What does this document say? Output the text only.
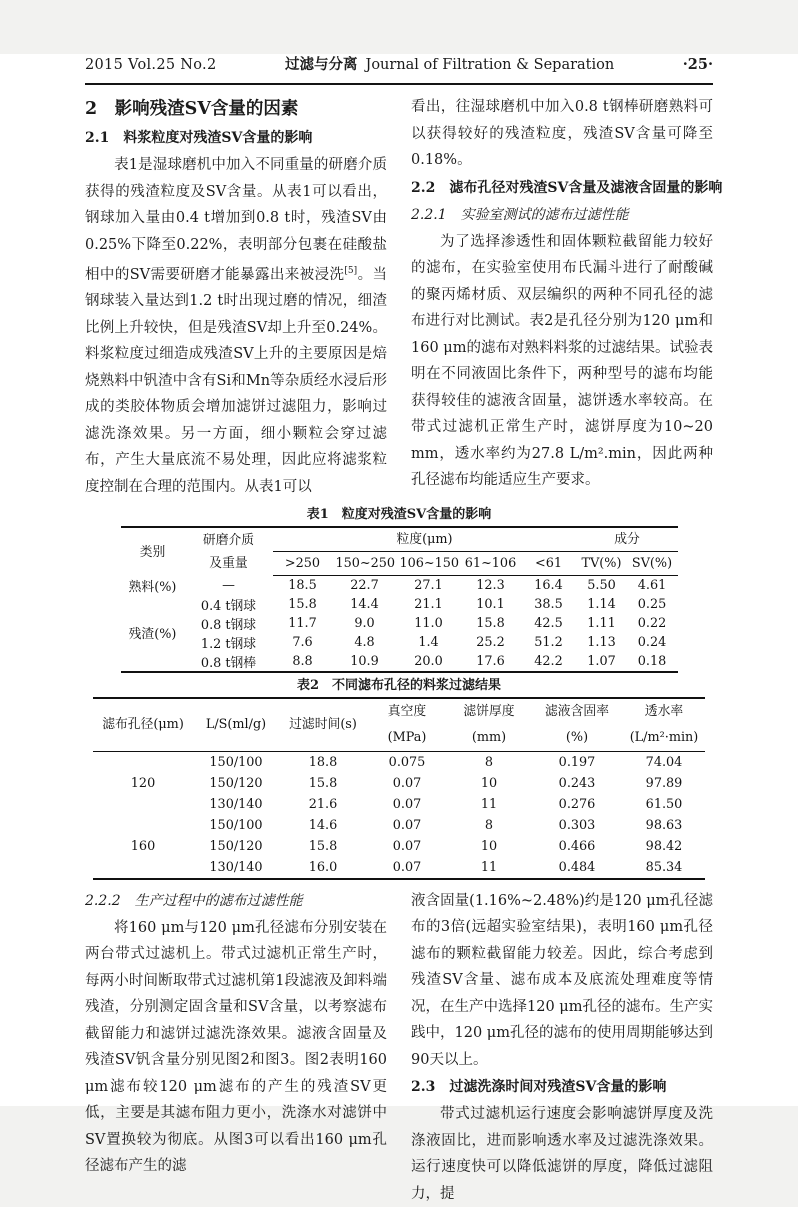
2015 Vol.25 No.2	过滤与分离 Journal of Filtration & Separation	·25·
2　影响残渣SV含量的因素
2.1　料浆粒度对残渣SV含量的影响

表1是湿球磨机中加入不同重量的研磨介质获得的残渣粒度及SV含量。从表1可以看出，钢球加入量由0.4 t增加到0.8 t时，残渣SV由0.25%下降至0.22%，表明部分包裹在硅酸盐相中的SV需要研磨才能暴露出来被浸洗[5]。当钢球装入量达到1.2 t时出现过磨的情况，细渣比例上升较快，但是残渣SV却上升至0.24%。料浆粒度过细造成残渣SV上升的主要原因是焙烧熟料中钒渣中含有Si和Mn等杂质经水浸后形成的类胶体物质会增加滤饼过滤阻力，影响过滤洗涤效果。另一方面，细小颗粒会穿过滤布，产生大量底流不易处理，因此应将滤浆粒度控制在合理的范围内。从表1可以

看出，往湿球磨机中加入0.8 t钢棒研磨熟料可以获得较好的残渣粒度，残渣SV含量可降至0.18%。

2.2　滤布孔径对残渣SV含量及滤液含固量的影响
2.2.1　实验室测试的滤布过滤性能

为了选择渗透性和固体颗粒截留能力较好的滤布，在实验室使用布氏漏斗进行了耐酸碱的聚丙烯材质、双层编织的两种不同孔径的滤布进行对比测试。表2是孔径分别为120 μm和160 μm的滤布对熟料料浆的过滤结果。试验表明在不同液固比条件下，两种型号的滤布均能获得较佳的滤液含固量，滤饼透水率较高。在带式过滤机正常生产时，滤饼厚度为10~20 mm，透水率约为27.8 L/m².min，因此两种孔径滤布均能适应生产要求。

表1　粒度对残渣SV含量的影响
类别	研磨介质
及重量	粒度(μm)					成分	
		>250	150~250	106~150	61~106	<61	TV(%)	SV(%)
熟料(%)	—	18.5	22.7	27.1	12.3	16.4	5.50	4.61
残渣(%)	0.4 t钢球	15.8	14.4	21.1	10.1	38.5	1.14	0.25
	0.8 t钢球	11.7	9.0	11.0	15.8	42.5	1.11	0.22
	1.2 t钢球	7.6	4.8	1.4	25.2	51.2	1.13	0.24
	0.8 t钢棒	8.8	10.9	20.0	17.6	42.2	1.07	0.18
表2　不同滤布孔径的料浆过滤结果
滤布孔径(μm)	L/S(ml/g)	过滤时间(s)	真空度(MPa)	滤饼厚度(mm)	滤液含固率(%)	透水率(L/m²·min)
120	150/100	18.8	0.075	8	0.197	74.04
	150/120	15.8	0.07	10	0.243	97.89
	130/140	21.6	0.07	11	0.276	61.50
160	150/100	14.6	0.07	8	0.303	98.63
	150/120	15.8	0.07	10	0.466	98.42
	130/140	16.0	0.07	11	0.484	85.34
2.2.2　生产过程中的滤布过滤性能

将160 μm与120 μm孔径滤布分别安装在两台带式过滤机上。带式过滤机正常生产时，每两小时间断取带式过滤机第1段滤液及卸料端残渣，分别测定固含量和SV含量，以考察滤布截留能力和滤饼过滤洗涤效果。滤液含固量及残渣SV钒含量分别见图2和图3。图2表明160 μm滤布较120 μm滤布的产生的残渣SV更低，主要是其滤布阻力更小，洗涤水对滤饼中SV置换较为彻底。从图3可以看出160 μm孔径滤布产生的滤

液含固量(1.16%~2.48%)约是120 μm孔径滤布的3倍(远超实验室结果)，表明160 μm孔径滤布的颗粒截留能力较差。因此，综合考虑到残渣SV含量、滤布成本及底流处理难度等情况，在生产中选择120 μm孔径的滤布。生产实践中，120 μm孔径的滤布的使用周期能够达到90天以上。

2.3　过滤洗涤时间对残渣SV含量的影响

带式过滤机运行速度会影响滤饼厚度及洗涤液固比，进而影响透水率及过滤洗涤效果。运行速度快可以降低滤饼的厚度，降低过滤阻力，提
